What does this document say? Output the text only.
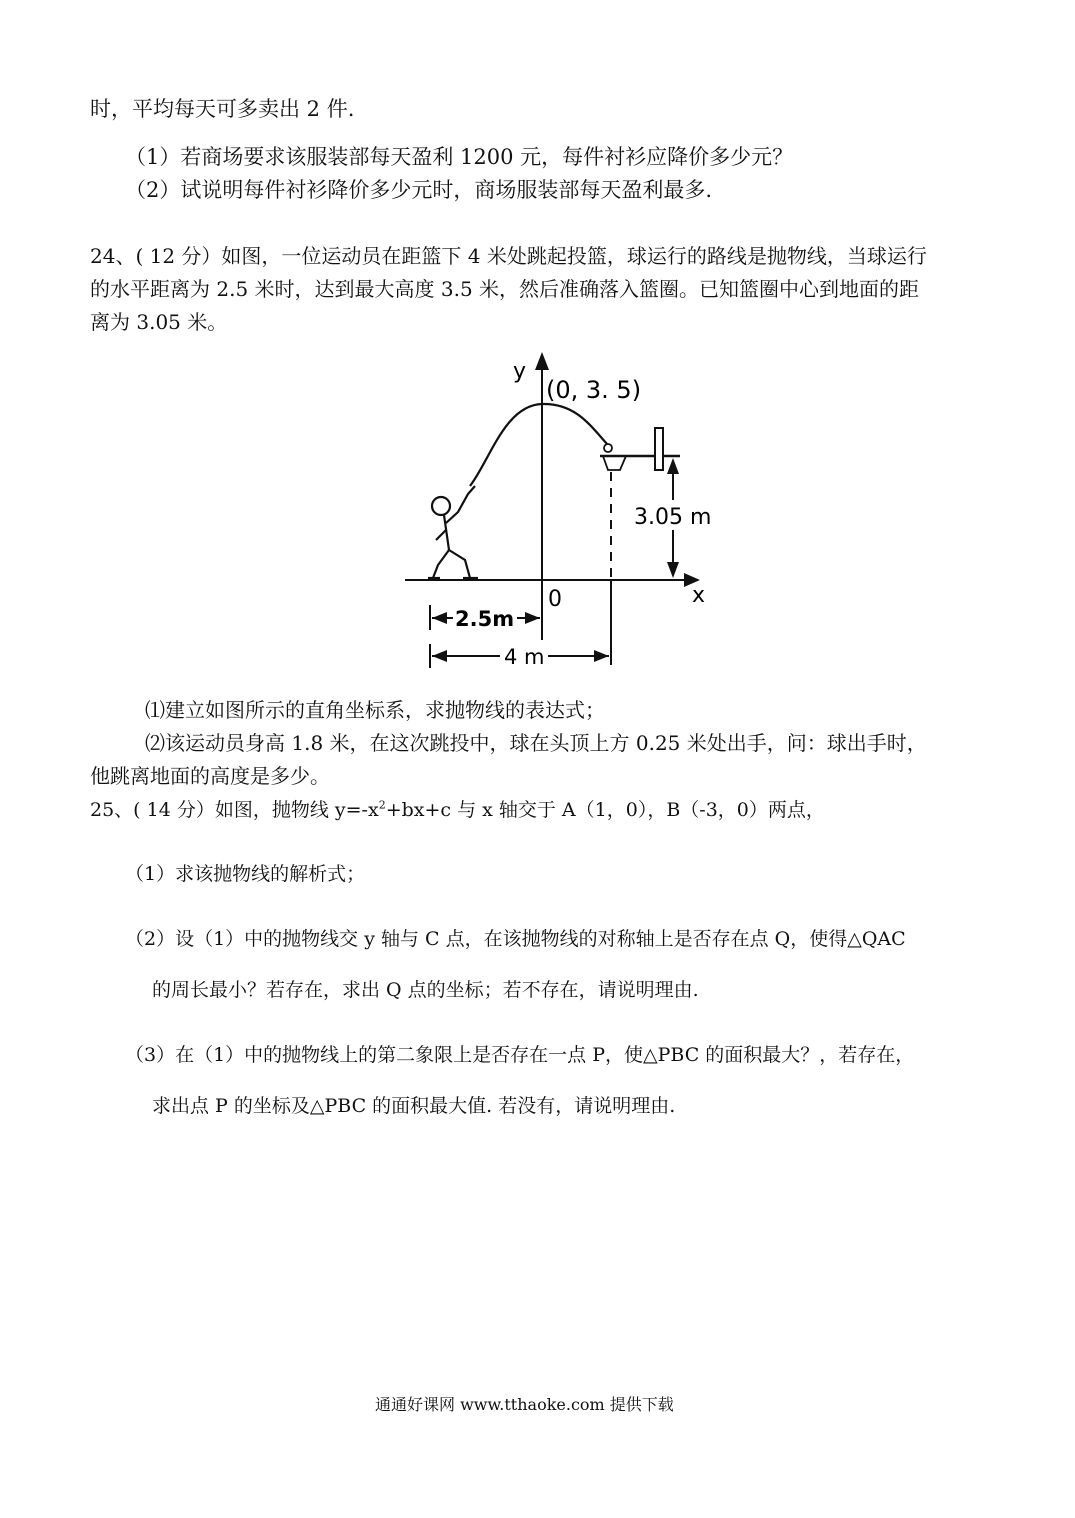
时，平均每天可多卖出 2 件.
（1）若商场要求该服装部每天盈利 1200 元，每件衬衫应降价多少元？
（2）试说明每件衬衫降价多少元时，商场服装部每天盈利最多.
24、( 12 分）如图，一位运动员在距篮下 4 米处跳起投篮，球运行的路线是抛物线，当球运行
的水平距离为 2.5 米时，达到最大高度 3.5 米，然后准确落入篮圈。已知篮圈中心到地面的距
离为 3.05 米。
y
x
0
(0, 3. 5)
3.05 m
2.5m
4 m
⑴建立如图所示的直角坐标系，求抛物线的表达式；
⑵该运动员身高 1.8 米，在这次跳投中，球在头顶上方 0.25 米处出手，问：球出手时，
他跳离地面的高度是多少。
25、( 14 分）如图，抛物线 $y=-x^2+bx+c$ 与 x 轴交于 A（1，0），B（-3，0）两点，
（1）求该抛物线的解析式；
（2）设（1）中的抛物线交 y 轴与 C 点，在该抛物线的对称轴上是否存在点 Q，使得△QAC
的周长最小？若存在，求出 Q 点的坐标；若不存在，请说明理由.
（3）在（1）中的抛物线上的第二象限上是否存在一点 P，使△PBC 的面积最大？，若存在，
求出点 P 的坐标及△PBC 的面积最大值. 若没有，请说明理由.
通通好课网 www.tthaoke.com 提供下载
